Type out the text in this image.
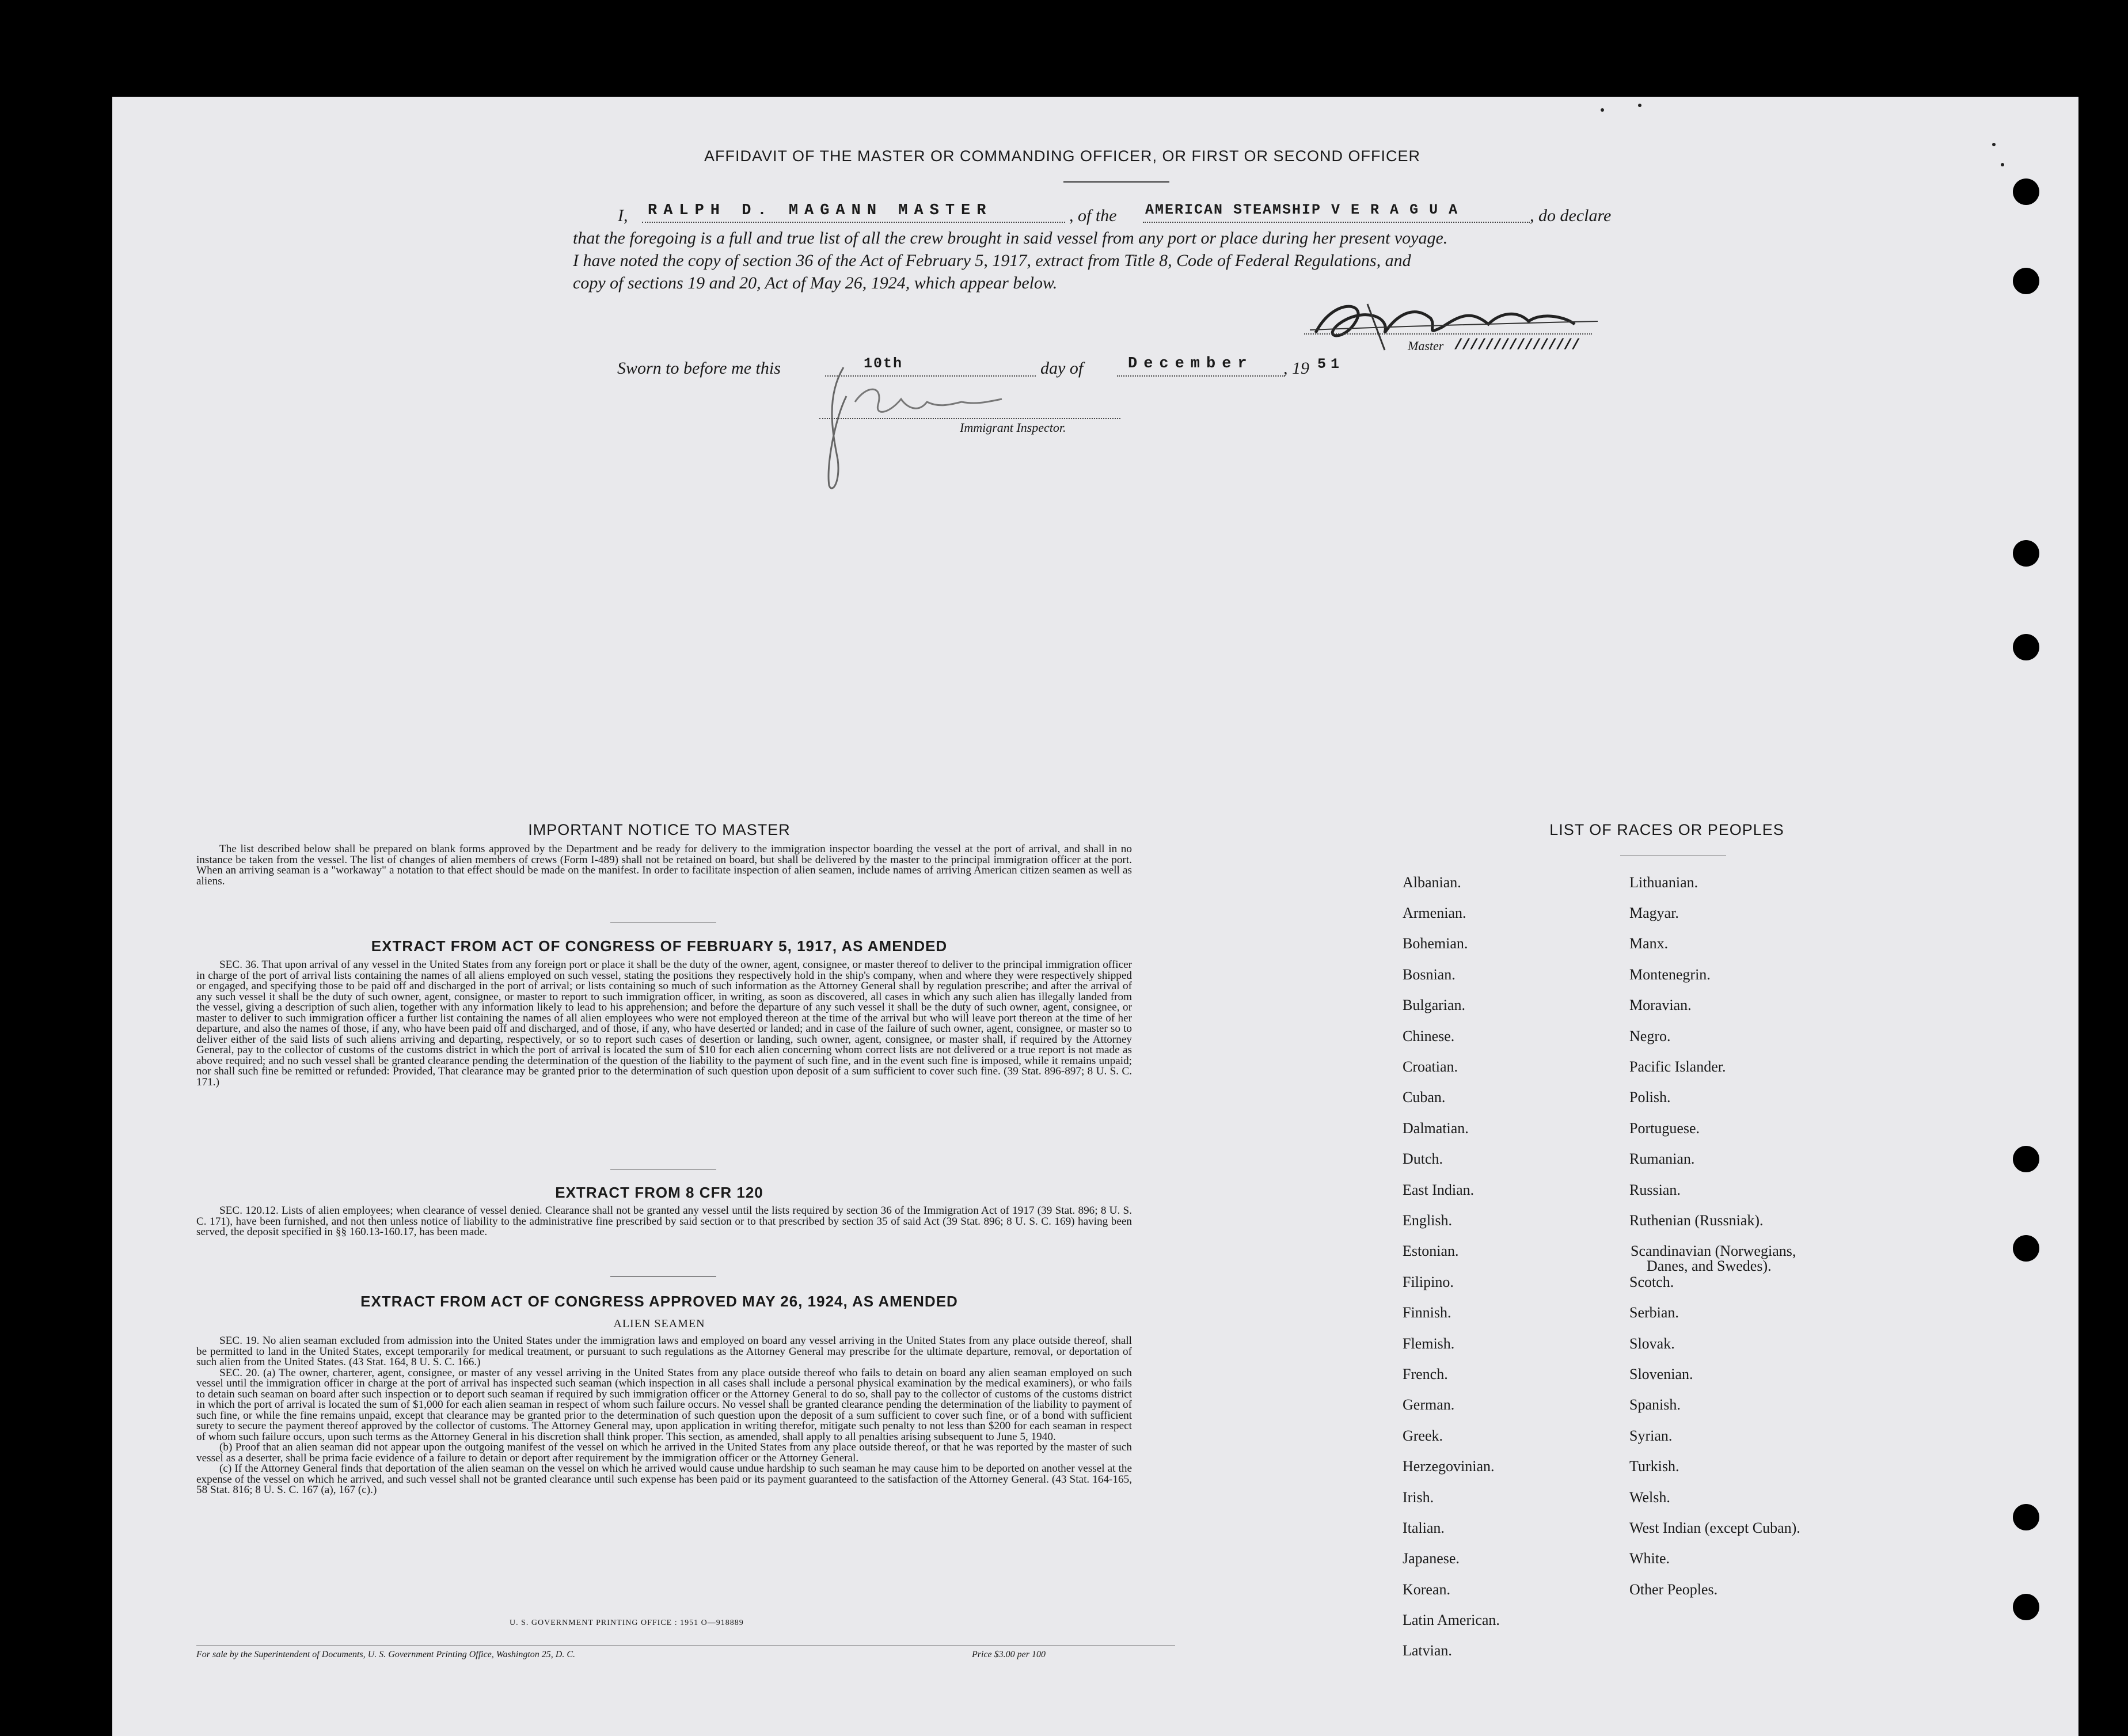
AFFIDAVIT OF THE MASTER OR COMMANDING OFFICER, OR FIRST OR SECOND OFFICER
I, RALPH D. MAGANN MASTER	, of the AMERICAN STEAMSHIP V E R A G U A	, do declare
that the foregoing is a full and true list of all the crew brought in said vessel from any port or place during her present voyage.
I have noted the copy of section 36 of the Act of February 5, 1917, extract from Title 8, Code of Federal Regulations, and
copy of sections 19 and 20, Act of May 26, 1924, which appear below.
Master ////////////////
Sworn to before me this	10th	day of	December , 19 51
Immigrant Inspector.
IMPORTANT NOTICE TO MASTER
The list described below shall be prepared on blank forms approved by the Department and be ready for delivery to the immigration inspector boarding the vessel at the port of arrival, and shall in no instance be taken from the vessel. The list of changes of alien members of crews (Form I-489) shall not be retained on board, but shall be delivered by the master to the principal immigration officer at the port. When an arriving seaman is a "workaway" a notation to that effect should be made on the manifest. In order to facilitate inspection of alien seamen, include names of arriving American citizen seamen as well as aliens.
EXTRACT FROM ACT OF CONGRESS OF FEBRUARY 5, 1917, AS AMENDED
SEC. 36. That upon arrival of any vessel in the United States from any foreign port or place it shall be the duty of the owner, agent, consignee, or master thereof to deliver to the principal immigration officer in charge of the port of arrival lists containing the names of all aliens employed on such vessel, stating the positions they respectively hold in the ship's company, when and where they were respectively shipped or engaged, and specifying those to be paid off and discharged in the port of arrival; or lists containing so much of such information as the Attorney General shall by regulation prescribe; and after the arrival of any such vessel it shall be the duty of such owner, agent, consignee, or master to report to such immigration officer, in writing, as soon as discovered, all cases in which any such alien has illegally landed from the vessel, giving a description of such alien, together with any information likely to lead to his apprehension; and before the departure of any such vessel it shall be the duty of such owner, agent, consignee, or master to deliver to such immigration officer a further list containing the names of all alien employees who were not employed thereon at the time of the arrival but who will leave port thereon at the time of her departure, and also the names of those, if any, who have been paid off and discharged, and of those, if any, who have deserted or landed; and in case of the failure of such owner, agent, consignee, or master so to deliver either of the said lists of such aliens arriving and departing, respectively, or so to report such cases of desertion or landing, such owner, agent, consignee, or master shall, if required by the Attorney General, pay to the collector of customs of the customs district in which the port of arrival is located the sum of $10 for each alien concerning whom correct lists are not delivered or a true report is not made as above required; and no such vessel shall be granted clearance pending the determination of the question of the liability to the payment of such fine, and in the event such fine is imposed, while it remains unpaid; nor shall such fine be remitted or refunded: Provided, That clearance may be granted prior to the determination of such question upon deposit of a sum sufficient to cover such fine. (39 Stat. 896-897; 8 U. S. C. 171.)
EXTRACT FROM 8 CFR 120
SEC. 120.12. Lists of alien employees; when clearance of vessel denied. Clearance shall not be granted any vessel until the lists required by section 36 of the Immigration Act of 1917 (39 Stat. 896; 8 U. S. C. 171), have been furnished, and not then unless notice of liability to the administrative fine prescribed by said section or to that prescribed by section 35 of said Act (39 Stat. 896; 8 U. S. C. 169) having been served, the deposit specified in §§ 160.13-160.17, has been made.
EXTRACT FROM ACT OF CONGRESS APPROVED MAY 26, 1924, AS AMENDED
ALIEN SEAMEN
SEC. 19. No alien seaman excluded from admission into the United States under the immigration laws and employed on board any vessel arriving in the United States from any place outside thereof, shall be permitted to land in the United States, except temporarily for medical treatment, or pursuant to such regulations as the Attorney General may prescribe for the ultimate departure, removal, or deportation of such alien from the United States. (43 Stat. 164, 8 U. S. C. 166.)
SEC. 20. (a) The owner, charterer, agent, consignee, or master of any vessel arriving in the United States from any place outside thereof who fails to detain on board any alien seaman employed on such vessel until the immigration officer in charge at the port of arrival has inspected such seaman (which inspection in all cases shall include a personal physical examination by the medical examiners), or who fails to detain such seaman on board after such inspection or to deport such seaman if required by such immigration officer or the Attorney General to do so, shall pay to the collector of customs of the customs district in which the port of arrival is located the sum of $1,000 for each alien seaman in respect of whom such failure occurs. No vessel shall be granted clearance pending the determination of the liability to payment of such fine, or while the fine remains unpaid, except that clearance may be granted prior to the determination of such question upon the deposit of a sum sufficient to cover such fine, or of a bond with sufficient surety to secure the payment thereof approved by the collector of customs. The Attorney General may, upon application in writing therefor, mitigate such penalty to not less than $200 for each seaman in respect of whom such failure occurs, upon such terms as the Attorney General in his discretion shall think proper. This section, as amended, shall apply to all penalties arising subsequent to June 5, 1940.
(b) Proof that an alien seaman did not appear upon the outgoing manifest of the vessel on which he arrived in the United States from any place outside thereof, or that he was reported by the master of such vessel as a deserter, shall be prima facie evidence of a failure to detain or deport after requirement by the immigration officer or the Attorney General.
(c) If the Attorney General finds that deportation of the alien seaman on the vessel on which he arrived would cause undue hardship to such seaman he may cause him to be deported on another vessel at the expense of the vessel on which he arrived, and such vessel shall not be granted clearance until such expense has been paid or its payment guaranteed to the satisfaction of the Attorney General. (43 Stat. 164-165, 58 Stat. 816; 8 U. S. C. 167 (a), 167 (c).)
U. S. GOVERNMENT PRINTING OFFICE : 1951 O—918889
For sale by the Superintendent of Documents, U. S. Government Printing Office, Washington 25, D. C.	Price $3.00 per 100
LIST OF RACES OR PEOPLES
Albanian.
Armenian.
Bohemian.
Bosnian.
Bulgarian.
Chinese.
Croatian.
Cuban.
Dalmatian.
Dutch.
East Indian.
English.
Estonian.
Filipino.
Finnish.
Flemish.
French.
German.
Greek.
Herzegovinian.
Irish.
Italian.
Japanese.
Korean.
Latin American.
Latvian.
Lithuanian.
Magyar.
Manx.
Montenegrin.
Moravian.
Negro.
Pacific Islander.
Polish.
Portuguese.
Rumanian.
Russian.
Ruthenian (Russniak).
Scandinavian (Norwegians,
Danes, and Swedes).
Scotch.
Serbian.
Slovak.
Slovenian.
Spanish.
Syrian.
Turkish.
Welsh.
West Indian (except Cuban).
White.
Other Peoples.
